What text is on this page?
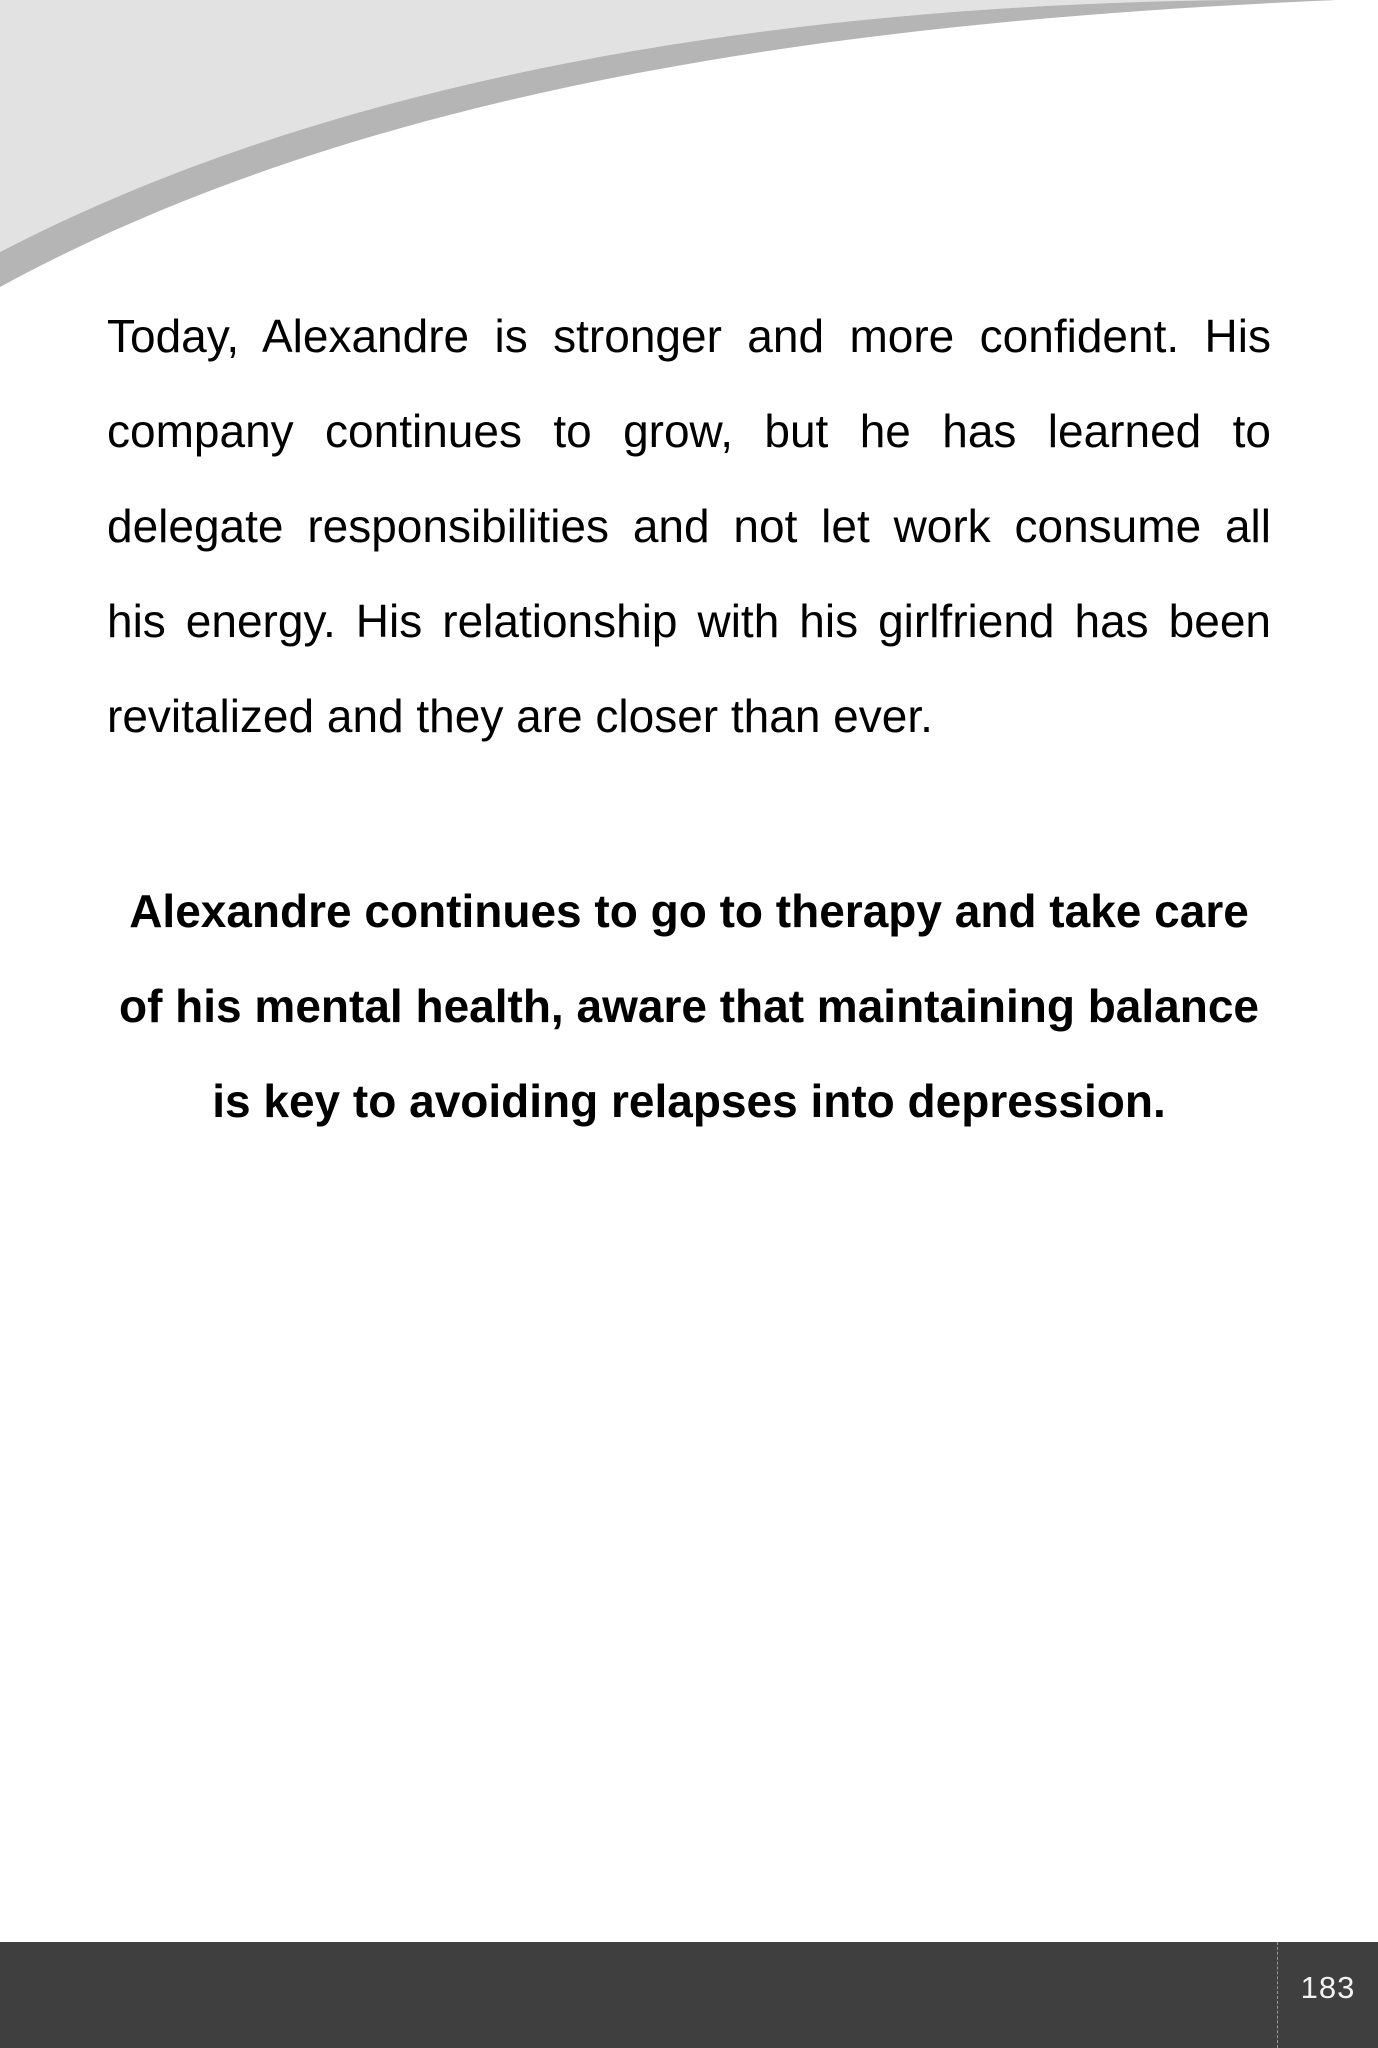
Today, Alexandre is stronger and more confident. His
company continues to grow, but he has learned to
delegate responsibilities and not let work consume all
his energy. His relationship with his girlfriend has been
revitalized and they are closer than ever.
Alexandre continues to go to therapy and take care
of his mental health, aware that maintaining balance
is key to avoiding relapses into depression.
183
